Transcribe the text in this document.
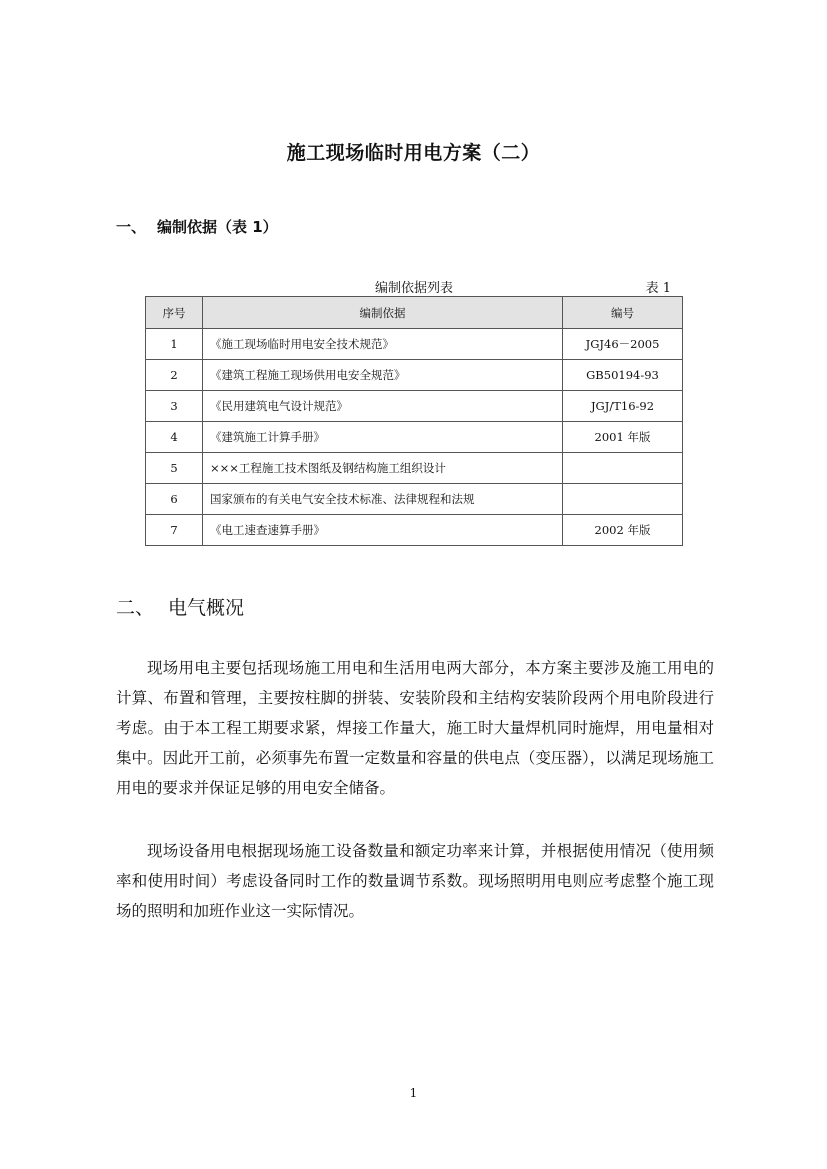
施工现场临时用电方案（二）
一、 编制依据（表 1）
编制依据列表	表 1
序号	编制依据	编号
1	《施工现场临时用电安全技术规范》	JGJ46－2005
2	《建筑工程施工现场供用电安全规范》	GB50194-93
3	《民用建筑电气设计规范》	JGJ/T16-92
4	《建筑施工计算手册》	2001 年版
5	×××工程施工技术图纸及钢结构施工组织设计	
6	国家颁布的有关电气安全技术标准、法律规程和法规	
7	《电工速查速算手册》	2002 年版
二、 电气概况

现场用电主要包括现场施工用电和生活用电两大部分，本方案主要涉及施工用电的计算、布置和管理，主要按柱脚的拼装、安装阶段和主结构安装阶段两个用电阶段进行考虑。由于本工程工期要求紧，焊接工作量大，施工时大量焊机同时施焊，用电量相对集中。因此开工前，必须事先布置一定数量和容量的供电点（变压器），以满足现场施工用电的要求并保证足够的用电安全储备。

现场设备用电根据现场施工设备数量和额定功率来计算，并根据使用情况（使用频率和使用时间）考虑设备同时工作的数量调节系数。现场照明用电则应考虑整个施工现场的照明和加班作业这一实际情况。

1
